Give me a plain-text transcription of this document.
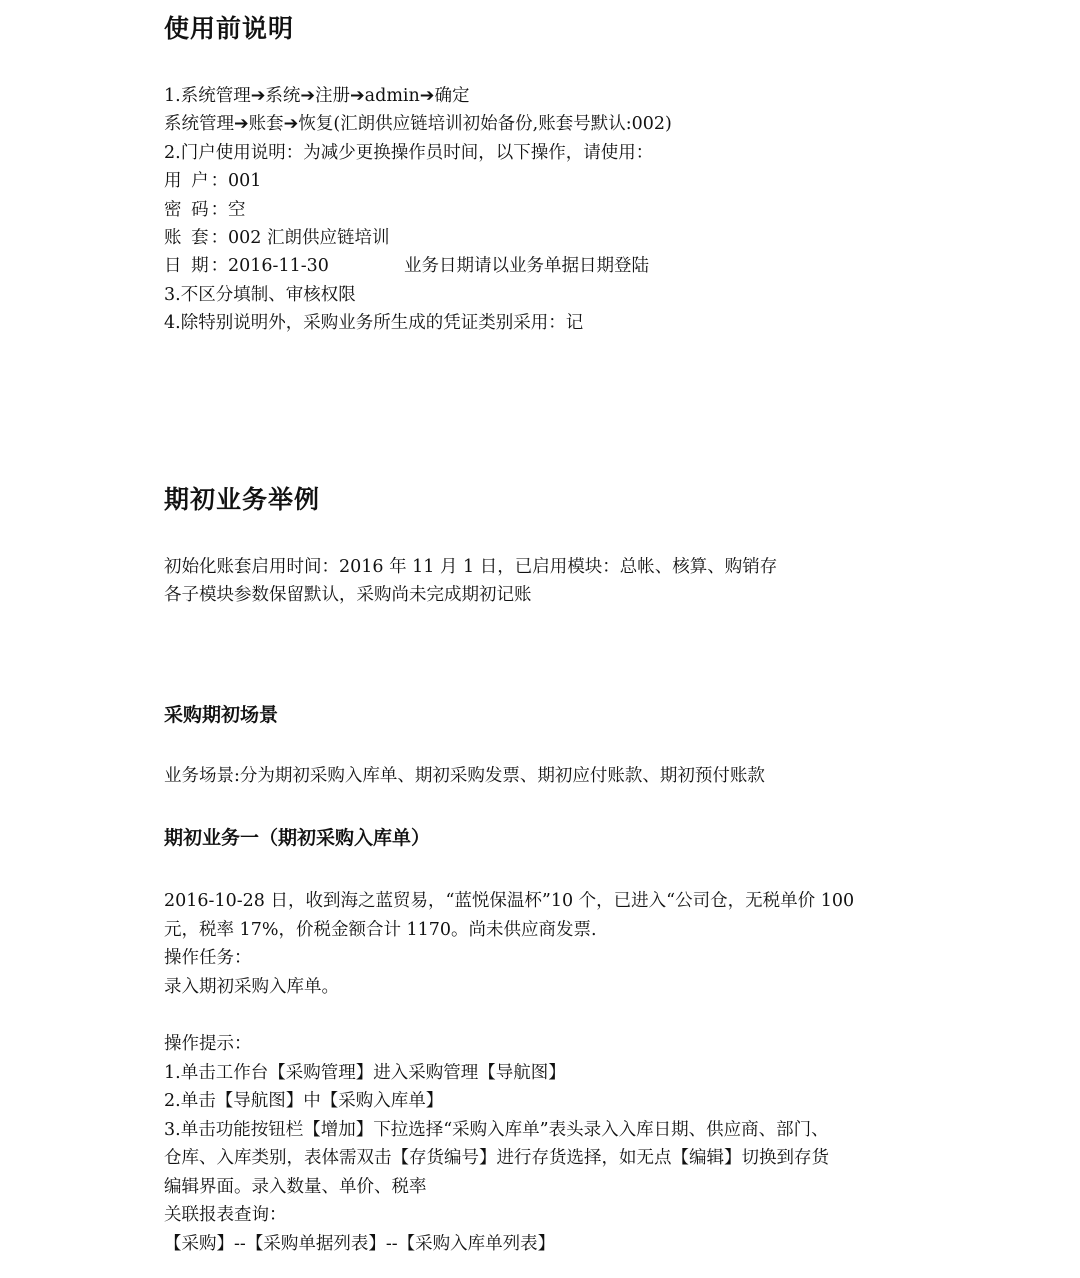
使用前说明
1.系统管理➔系统➔注册➔admin➔确定
系统管理➔账套➔恢复(汇朗供应链培训初始备份,账套号默认:002)
2.门户使用说明：为减少更换操作员时间，以下操作，请使用：
用 户：001
密 码：空
账 套：002 汇朗供应链培训
日 期：2016-11-30	业务日期请以业务单据日期登陆
3.不区分填制、审核权限
4.除特别说明外，采购业务所生成的凭证类别采用：记
期初业务举例
初始化账套启用时间：2016 年 11 月 1 日，已启用模块：总帐、核算、购销存
各子模块参数保留默认，采购尚未完成期初记账
采购期初场景
业务场景:分为期初采购入库单、期初采购发票、期初应付账款、期初预付账款
期初业务一（期初采购入库单）
2016-10-28 日，收到海之蓝贸易，“蓝悦保温杯”10 个，已进入“公司仓，无税单价 100
元，税率 17%，价税金额合计 1170。尚未供应商发票.
操作任务：
录入期初采购入库单。
操作提示：
1.单击工作台【采购管理】进入采购管理【导航图】
2.单击【导航图】中【采购入库单】
3.单击功能按钮栏【增加】下拉选择“采购入库单”表头录入入库日期、供应商、部门、
仓库、入库类别，表体需双击【存货编号】进行存货选择，如无点【编辑】切换到存货
编辑界面。录入数量、单价、税率
关联报表查询：
【采购】--【采购单据列表】--【采购入库单列表】
